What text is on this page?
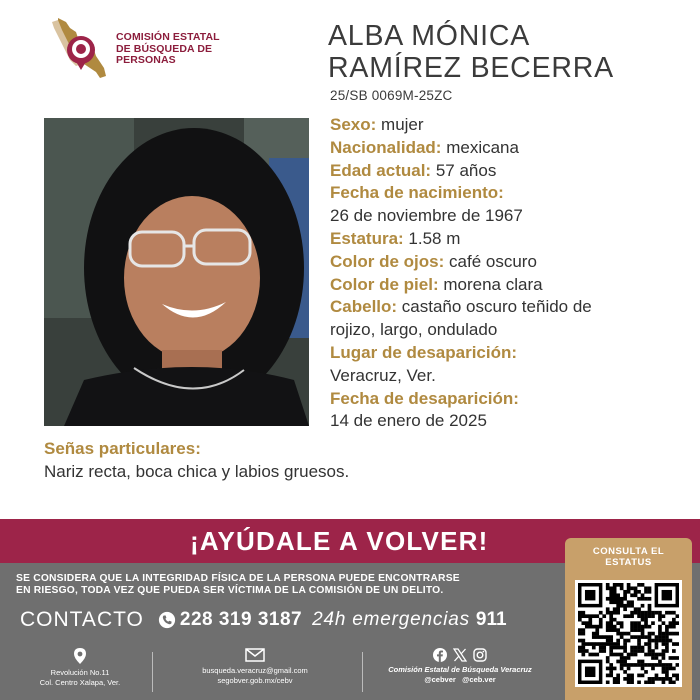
COMISIÓN ESTATAL
DE BÚSQUEDA DE
PERSONAS
ALBA MÓNICA
RAMÍREZ BECERRA
25/SB 0069M-25ZC
Sexo: mujer
Nacionalidad: mexicana
Edad actual: 57 años
Fecha de nacimiento:
26 de noviembre de 1967
Estatura: 1.58 m
Color de ojos: café oscuro
Color de piel: morena clara
Cabello: castaño oscuro teñido de
rojizo, largo, ondulado
Lugar de desaparición:
Veracruz, Ver.
Fecha de desaparición:
14 de enero de 2025
Señas particulares:
Nariz recta, boca chica y labios gruesos.
¡AYÚDALE A VOLVER!
SE CONSIDERA QUE LA INTEGRIDAD FÍSICA DE LA PERSONA PUEDE ENCONTRARSE
EN RIESGO, TODA VEZ QUE PUEDA SER VÍCTIMA DE LA COMISIÓN DE UN DELITO.
CONTACTO 228 319 3187 24h emergencias 911
Revolución No.11
Col. Centro Xalapa, Ver.
busqueda.veracruz@gmail.com
segobver.gob.mx/cebv
Comisión Estatal de Búsqueda Veracruz
@cebver @ceb.ver
CONSULTA EL
ESTATUS
